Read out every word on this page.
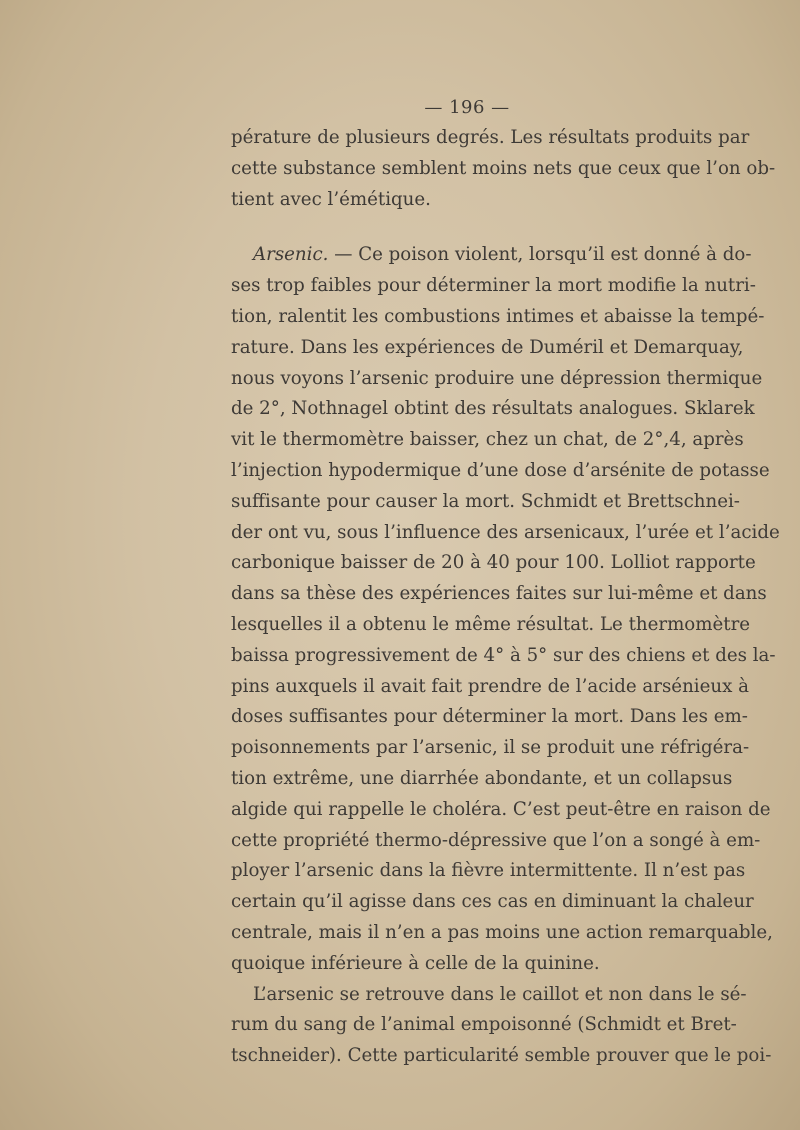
— 196 —
pérature de plusieurs degrés. Les résultats produits par
cette substance semblent moins nets que ceux que l’on ob-
tient avec l’émétique.
Arsenic. — Ce poison violent, lorsqu’il est donné à do-
ses trop faibles pour déterminer la mort modifie la nutri-
tion, ralentit les combustions intimes et abaisse la tempé-
rature. Dans les expériences de Duméril et Demarquay,
nous voyons l’arsenic produire une dépression thermique
de 2°, Nothnagel obtint des résultats analogues. Sklarek
vit le thermomètre baisser, chez un chat, de 2°,4, après
l’injection hypodermique d’une dose d’arsénite de potasse
suffisante pour causer la mort. Schmidt et Brettschnei-
der ont vu, sous l’influence des arsenicaux, l’urée et l’acide
carbonique baisser de 20 à 40 pour 100. Lolliot rapporte
dans sa thèse des expériences faites sur lui-même et dans
lesquelles il a obtenu le même résultat. Le thermomètre
baissa progressivement de 4° à 5° sur des chiens et des la-
pins auxquels il avait fait prendre de l’acide arsénieux à
doses suffisantes pour déterminer la mort. Dans les em-
poisonnements par l’arsenic, il se produit une réfrigéra-
tion extrême, une diarrhée abondante, et un collapsus
algide qui rappelle le choléra. C’est peut-être en raison de
cette propriété thermo-dépressive que l’on a songé à em-
ployer l’arsenic dans la fièvre intermittente. Il n’est pas
certain qu’il agisse dans ces cas en diminuant la chaleur
centrale, mais il n’en a pas moins une action remarquable,
quoique inférieure à celle de la quinine.
L’arsenic se retrouve dans le caillot et non dans le sé-
rum du sang de l’animal empoisonné (Schmidt et Bret-
tschneider). Cette particularité semble prouver que le poi-
